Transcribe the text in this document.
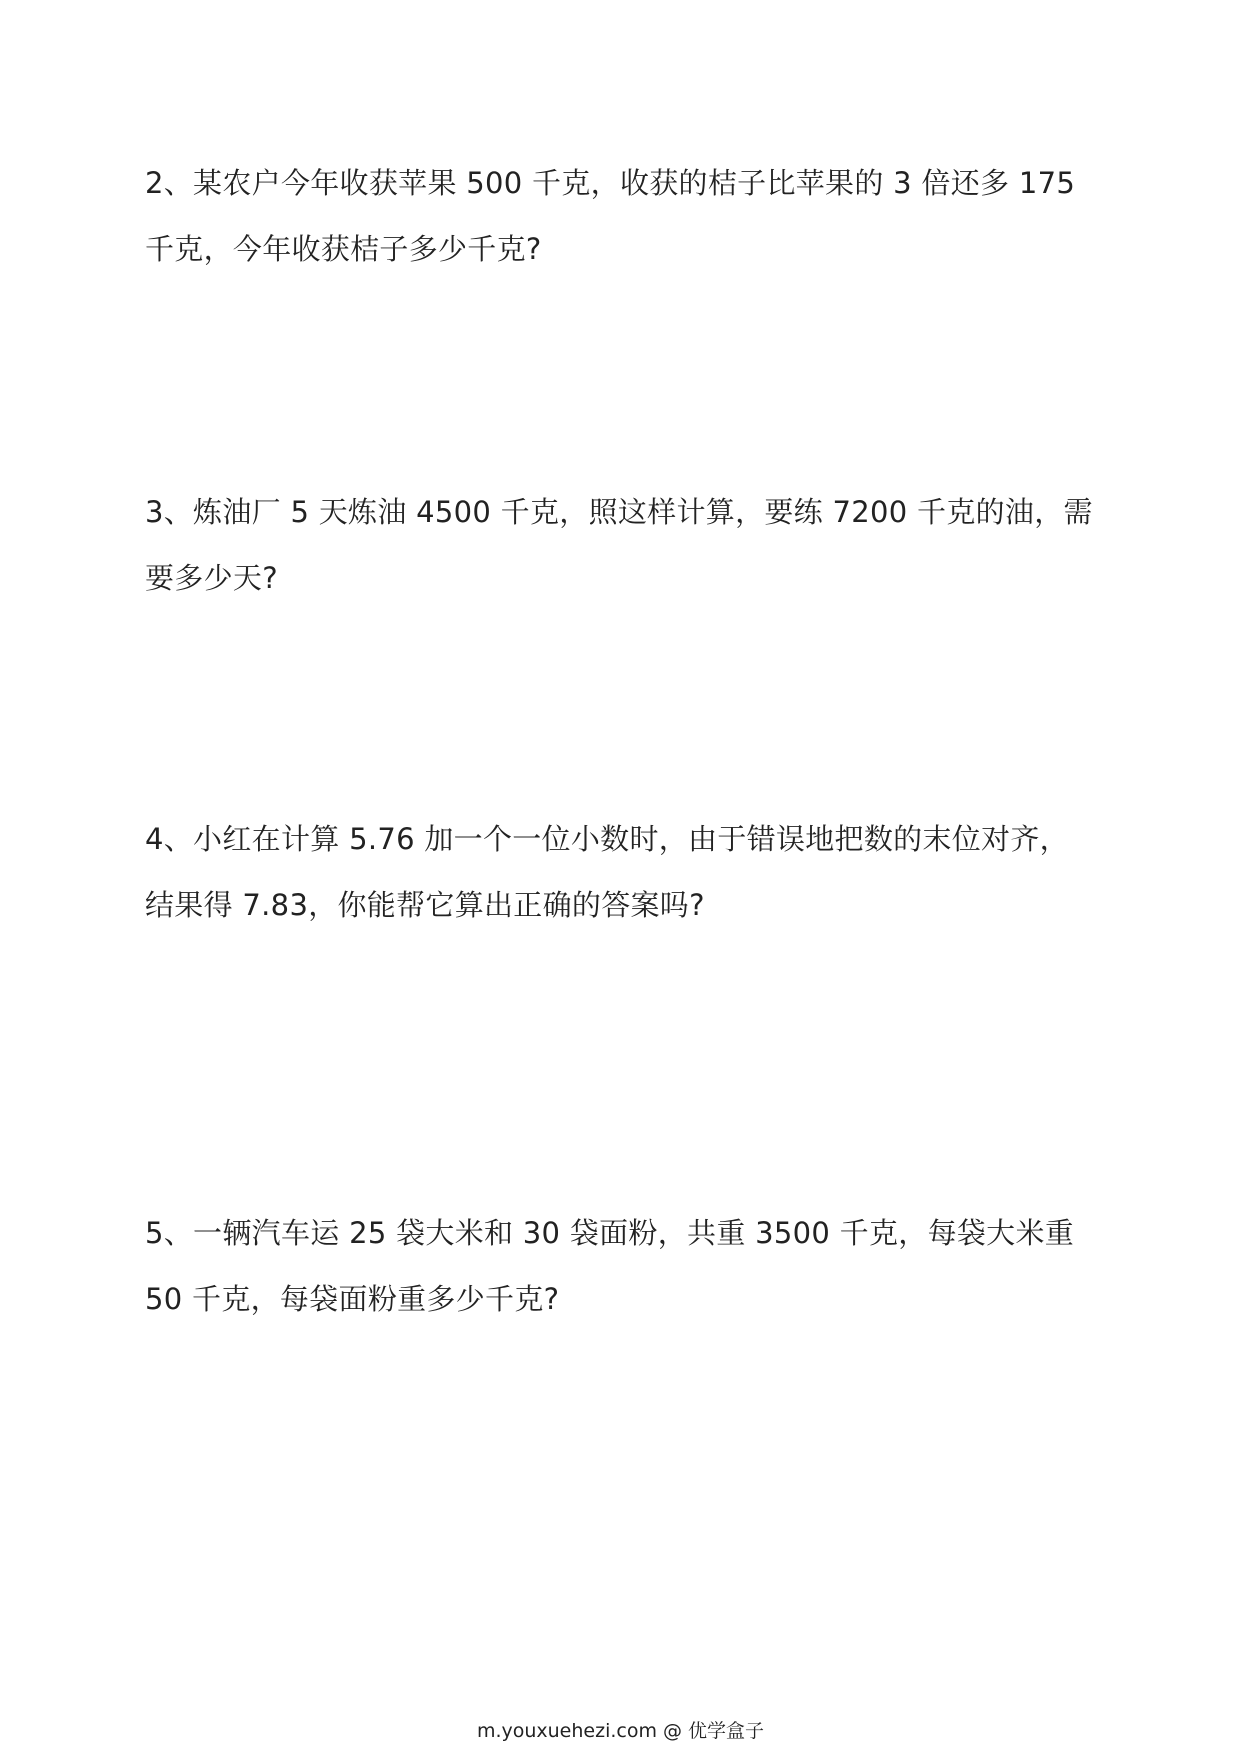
2、某农户今年收获苹果 500 千克，收获的桔子比苹果的 3 倍还多 175
千克，今年收获桔子多少千克?
3、炼油厂 5 天炼油 4500 千克，照这样计算，要练 7200 千克的油，需
要多少天?
4、小红在计算 5.76 加一个一位小数时，由于错误地把数的末位对齐，
结果得 7.83，你能帮它算出正确的答案吗?
5、一辆汽车运 25 袋大米和 30 袋面粉，共重 3500 千克，每袋大米重
50 千克，每袋面粉重多少千克?
m.youxuehezi.com @ 优学盒子
